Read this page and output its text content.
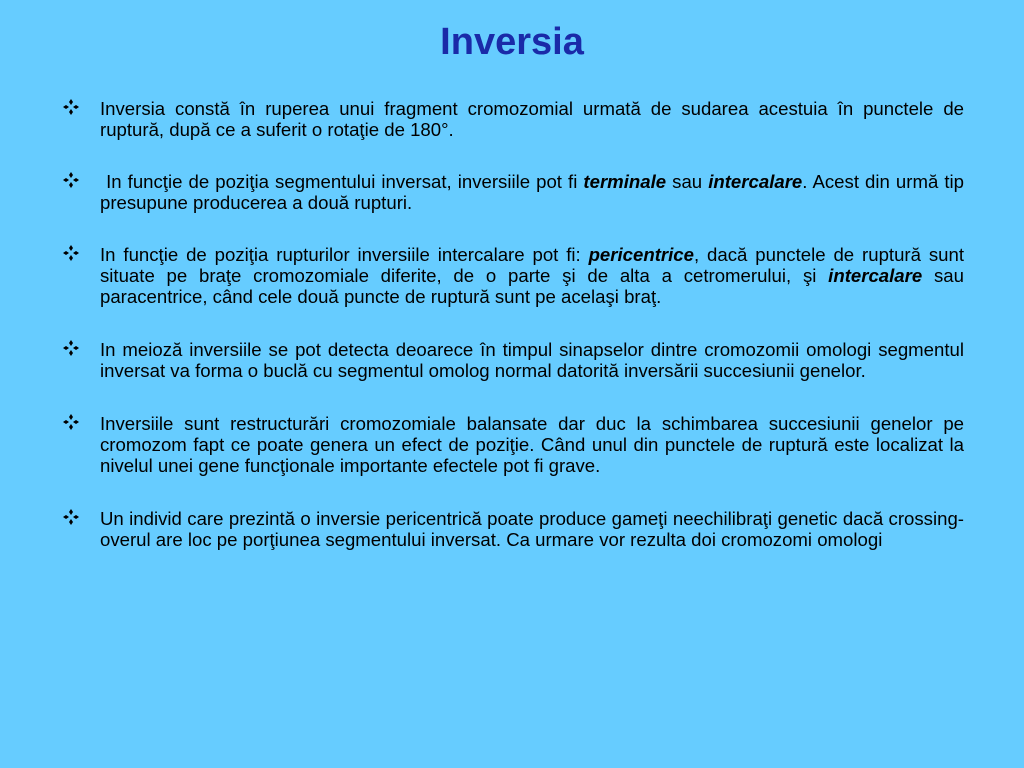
Inversia
Inversia constă în ruperea unui fragment cromozomial urmată de sudarea acestuia în punctele de ruptură, după ce a suferit o rotaţie de 180°.
In funcţie de poziţia segmentului inversat, inversiile pot fi terminale sau intercalare. Acest din urmă tip presupune producerea a două rupturi.
In funcţie de poziţia rupturilor inversiile intercalare pot fi: pericentrice, dacă punctele de ruptură sunt situate pe braţe cromozomiale diferite, de o parte şi de alta a cetromerului, şi intercalare sau paracentrice, când cele două puncte de ruptură sunt pe acelaşi braţ.
In meioză inversiile se pot detecta deoarece în timpul sinapselor dintre cromozomii omologi segmentul inversat va forma o buclă cu segmentul omolog normal datorită inversării succesiunii genelor.
Inversiile sunt restructurări cromozomiale balansate dar duc la schimbarea succesiunii genelor pe cromozom fapt ce poate genera un efect de poziţie. Când unul din punctele de ruptură este localizat la nivelul unei gene funcţionale importante efectele pot fi grave.
Un individ care prezintă o inversie pericentrică poate produce gameţi neechilibraţi genetic dacă crossing-overul are loc pe porţiunea segmentului inversat. Ca urmare vor rezulta doi cromozomi omologi
